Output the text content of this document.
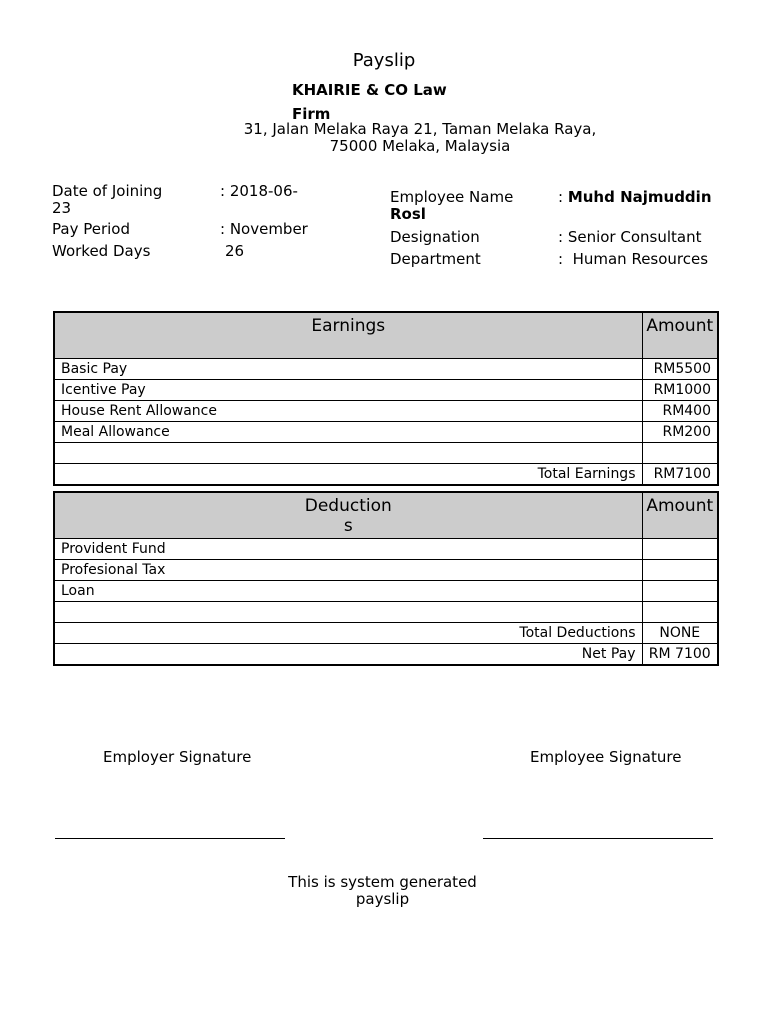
Payslip
KHAIRIE & CO Law Firm
31, Jalan Melaka Raya 21, Taman Melaka Raya,
75000 Melaka, Malaysia
Date of Joining	: 2018-06-
23
Pay Period	: November
Worked Days	26
Employee Name	: Muhd Najmuddin Rosl
Designation	: Senior Consultant
Department	:  Human Resources
Earnings	Amount
Basic Pay	RM5500
Icentive Pay	RM1000
House Rent Allowance	RM400
Meal Allowance	RM200

Total Earnings	RM7100
Deductions	Amount
Provident Fund	
Profesional Tax	
Loan	

Total Deductions	NONE
Net Pay	RM 7100
Employer Signature	Employee Signature
This is system generated payslip
